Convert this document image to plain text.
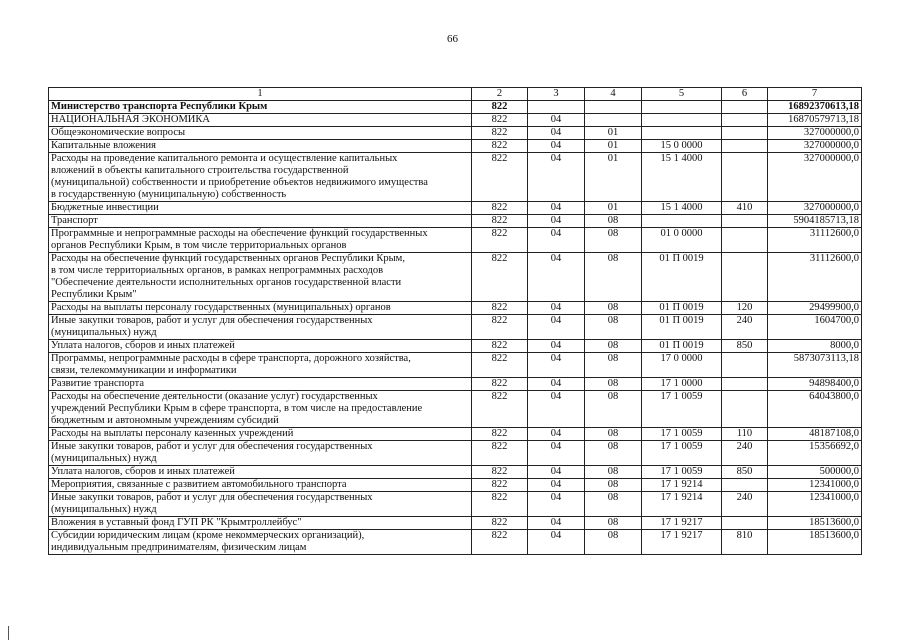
66
1	2	3	4	5	6	7
Министерство транспорта Республики Крым	822					16892370613,18
НАЦИОНАЛЬНАЯ ЭКОНОМИКА	822	04				16870579713,18
Общеэкономические вопросы	822	04	01			327000000,0
Капитальные вложения	822	04	01	15 0 0000		327000000,0
Расходы на проведение капитального ремонта и осуществление капитальных
вложений в объекты капитального строительства государственной
(муниципальной) собственности и приобретение объектов недвижимого имущества
в государственную (муниципальную) собственность	822	04	01	15 1 4000		327000000,0
Бюджетные инвестиции	822	04	01	15 1 4000	410	327000000,0
Транспорт	822	04	08			5904185713,18
Программные и непрограммные расходы на обеспечение функций государственных
органов Республики Крым, в том числе территориальных органов	822	04	08	01 0 0000		31112600,0
Расходы на обеспечение функций государственных органов Республики Крым,
в том числе территориальных органов, в рамках непрограммных расходов
"Обеспечение деятельности исполнительных органов государственной власти
Республики Крым"	822	04	08	01 П 0019		31112600,0
Расходы на выплаты персоналу государственных (муниципальных) органов	822	04	08	01 П 0019	120	29499900,0
Иные закупки товаров, работ и услуг для обеспечения государственных
(муниципальных) нужд	822	04	08	01 П 0019	240	1604700,0
Уплата налогов, сборов и иных платежей	822	04	08	01 П 0019	850	8000,0
Программы, непрограммные расходы в сфере транспорта, дорожного хозяйства,
связи, телекоммуникации и информатики	822	04	08	17 0 0000		5873073113,18
Развитие транспорта	822	04	08	17 1 0000		94898400,0
Расходы на обеспечение деятельности (оказание услуг) государственных
учреждений Республики Крым в сфере транспорта, в том числе на предоставление
бюджетным и автономным учреждениям субсидий	822	04	08	17 1 0059		64043800,0
Расходы на выплаты персоналу казенных учреждений	822	04	08	17 1 0059	110	48187108,0
Иные закупки товаров, работ и услуг для обеспечения государственных
(муниципальных) нужд	822	04	08	17 1 0059	240	15356692,0
Уплата налогов, сборов и иных платежей	822	04	08	17 1 0059	850	500000,0
Мероприятия, связанные с развитием автомобильного транспорта	822	04	08	17 1 9214		12341000,0
Иные закупки товаров, работ и услуг для обеспечения государственных
(муниципальных) нужд	822	04	08	17 1 9214	240	12341000,0
Вложения в уставный фонд ГУП РК "Крымтроллейбус"	822	04	08	17 1 9217		18513600,0
Субсидии юридическим лицам (кроме некоммерческих организаций),
индивидуальным предпринимателям, физическим лицам	822	04	08	17 1 9217	810	18513600,0
